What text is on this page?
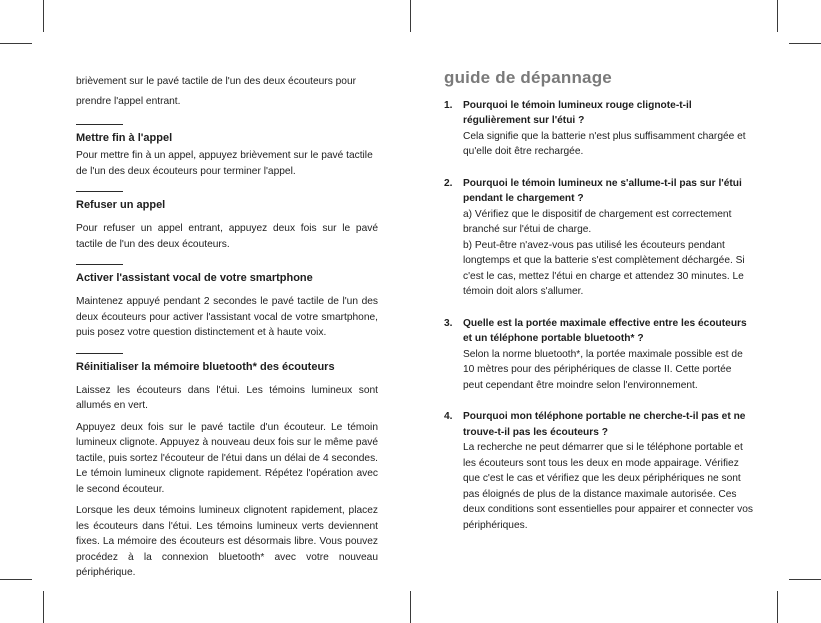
brièvement sur le pavé tactile de l'un des deux écouteurs pour prendre l'appel entrant.

Mettre fin à l'appel

Pour mettre fin à un appel, appuyez brièvement sur le pavé tactile de l'un des deux écouteurs pour terminer l'appel.

Refuser un appel

Pour refuser un appel entrant, appuyez deux fois sur le pavé tactile de l'un des deux écouteurs.

Activer l'assistant vocal de votre smartphone

Maintenez appuyé pendant 2 secondes le pavé tactile de l'un des deux écouteurs pour activer l'assistant vocal de votre smartphone, puis posez votre question distinctement et à haute voix.

Réinitialiser la mémoire bluetooth* des écouteurs

Laissez les écouteurs dans l'étui. Les témoins lumineux sont allumés en vert.

Appuyez deux fois sur le pavé tactile d'un écouteur. Le témoin lumineux clignote. Appuyez à nouveau deux fois sur le même pavé tactile, puis sortez l'écouteur de l'étui dans un délai de 4 secondes. Le témoin lumineux clignote rapidement. Répétez l'opération avec le second écouteur.

Lorsque les deux témoins lumineux clignotent rapidement, placez les écouteurs dans l'étui. Les témoins lumineux verts deviennent fixes. La mémoire des écouteurs est désormais libre. Vous pouvez procédez à la connexion bluetooth* avec votre nouveau périphérique.

guide de dépannage
1. Pourquoi le témoin lumineux rouge clignote-t-il régulièrement sur l'étui ?

Cela signifie que la batterie n'est plus suffisamment chargée et qu'elle doit être rechargée.

2. Pourquoi le témoin lumineux ne s'allume-t-il pas sur l'étui pendant le chargement ?

a) Vérifiez que le dispositif de chargement est correctement branché sur l'étui de charge.
b) Peut-être n'avez-vous pas utilisé les écouteurs pendant longtemps et que la batterie s'est complètement déchargée. Si c'est le cas, mettez l'étui en charge et attendez 30 minutes. Le témoin doit alors s'allumer.

3. Quelle est la portée maximale effective entre les écouteurs et un téléphone portable bluetooth* ?

Selon la norme bluetooth*, la portée maximale possible est de 10 mètres pour des périphériques de classe II. Cette portée peut cependant être moindre selon l'environnement.

4. Pourquoi mon téléphone portable ne cherche-t-il pas et ne trouve-t-il pas les écouteurs ?

La recherche ne peut démarrer que si le téléphone portable et les écouteurs sont tous les deux en mode appairage. Vérifiez que c'est le cas et vérifiez que les deux périphériques ne sont pas éloignés de plus de la distance maximale autorisée. Ces deux conditions sont essentielles pour appairer et connecter vos périphériques.
